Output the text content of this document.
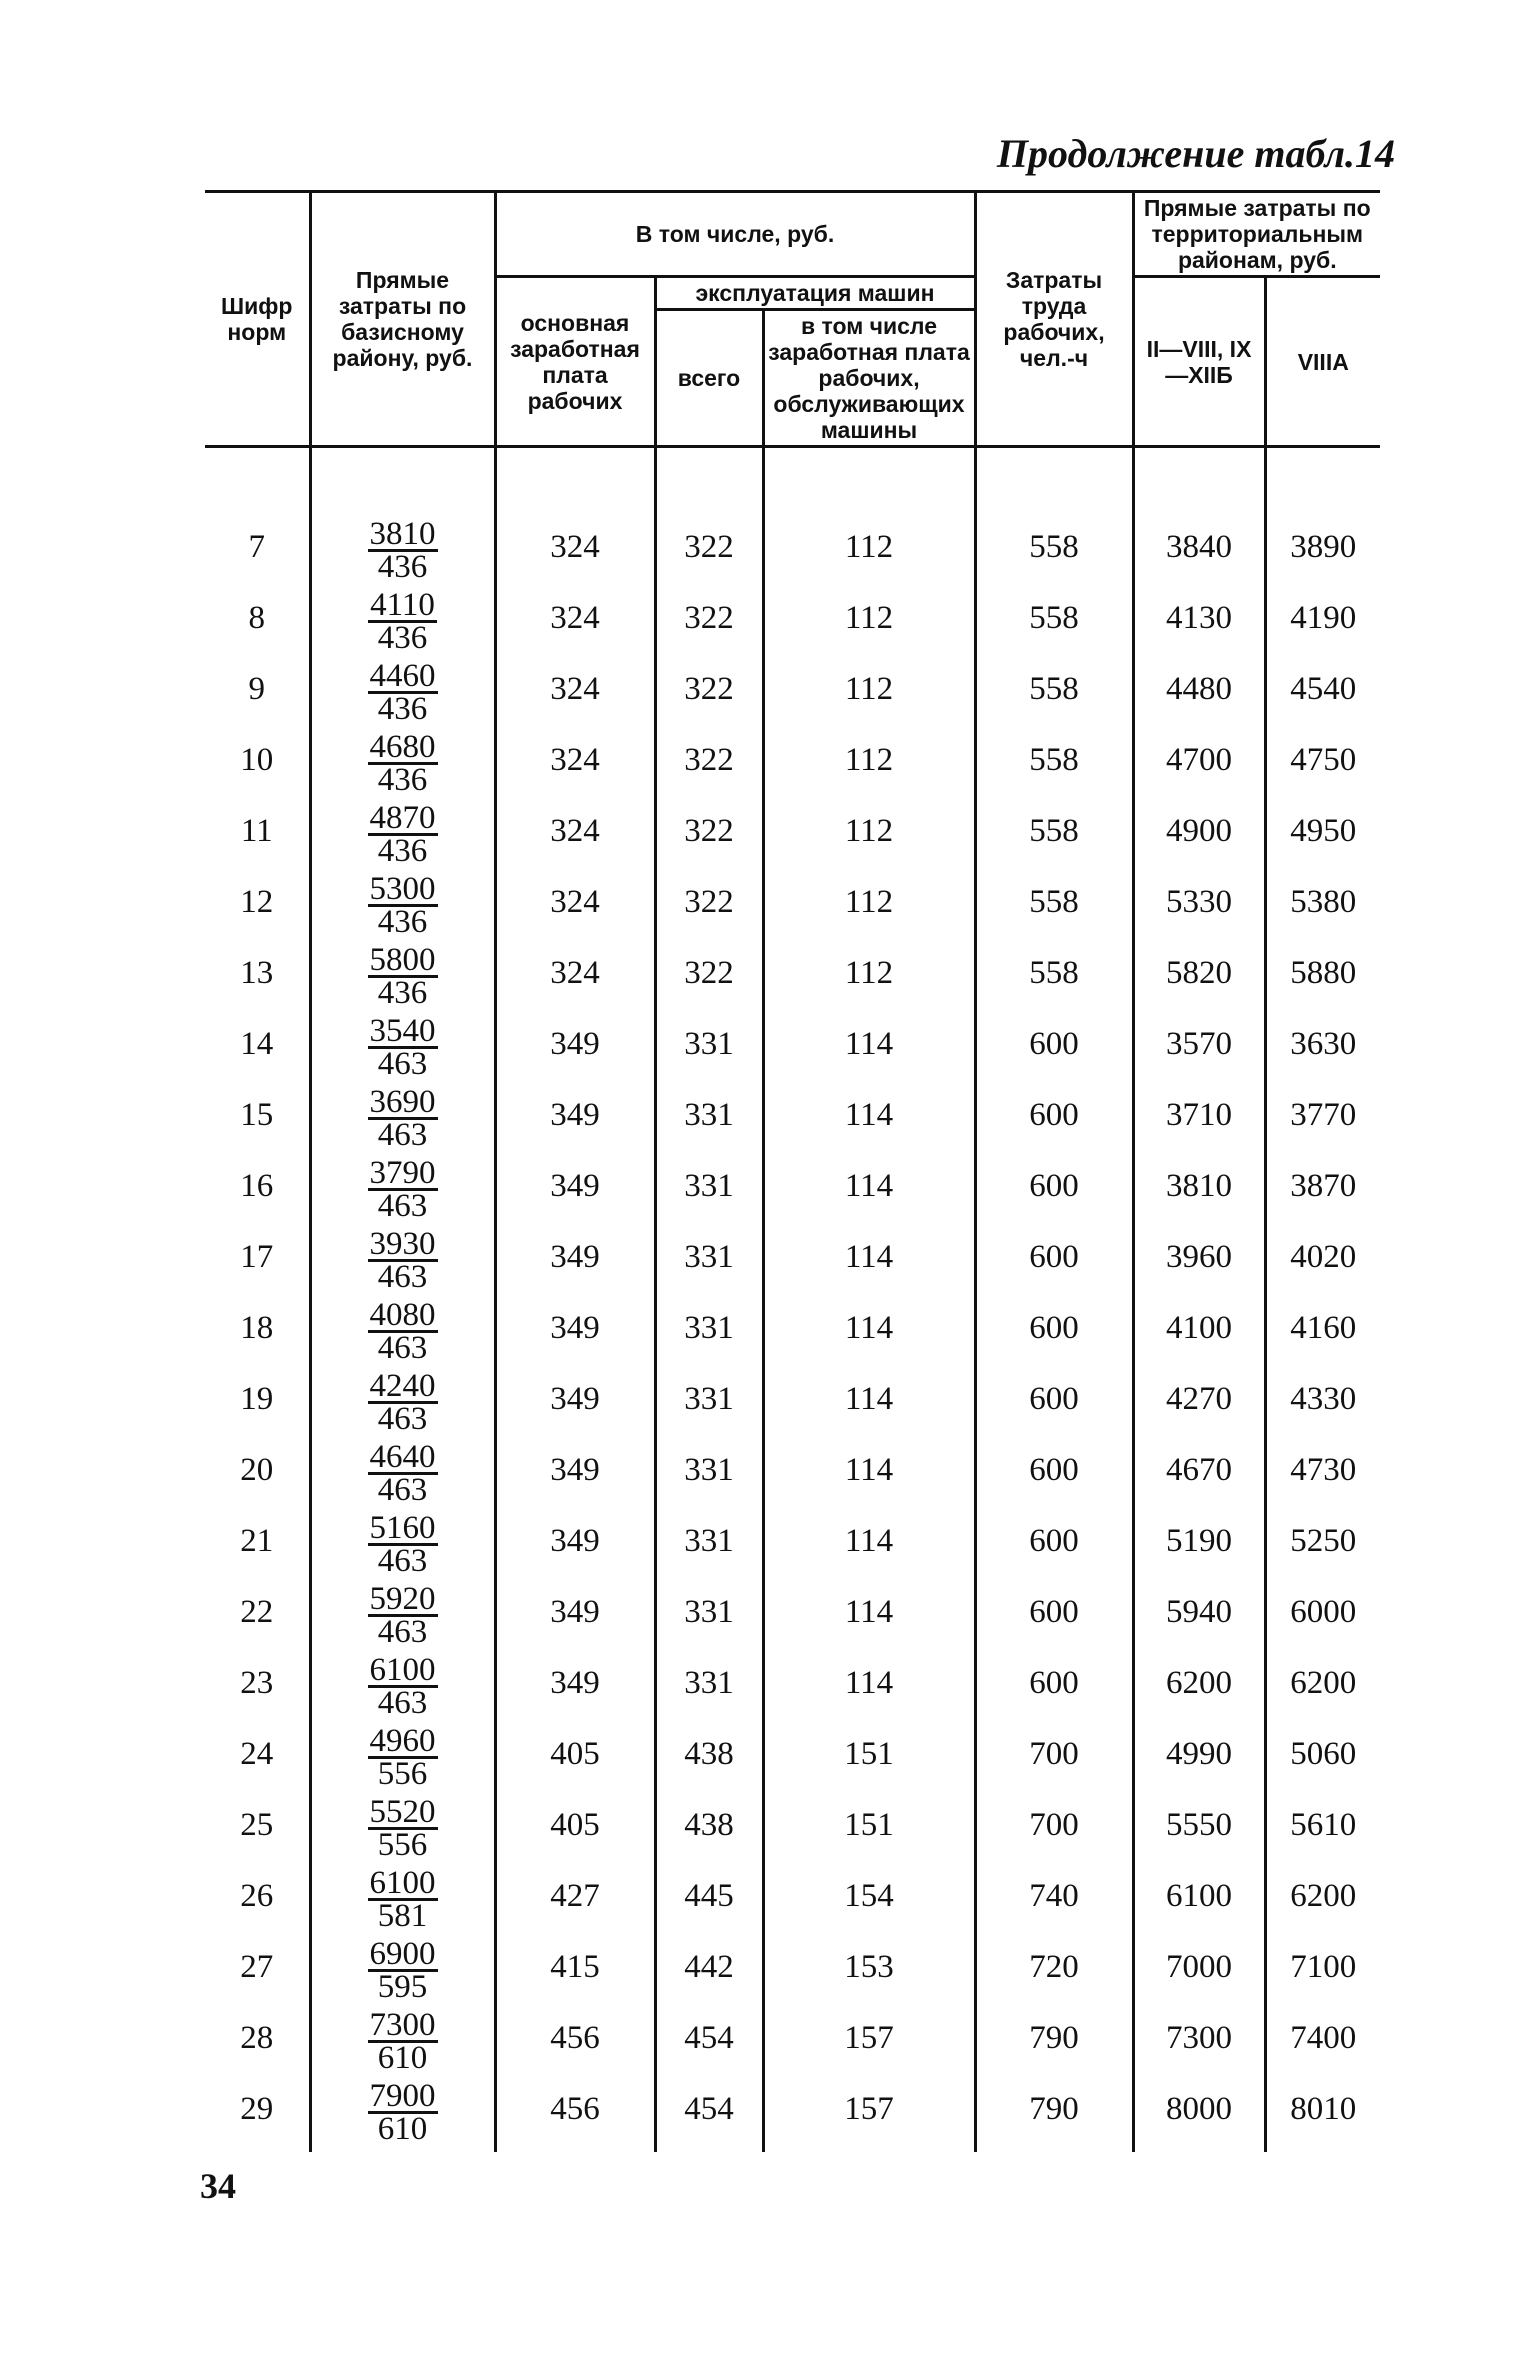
Продолжение табл.14
Шифр норм	Прямые затраты по базисному району, руб.	В том числе, руб.			Затраты труда рабочих, чел.-ч	Прямые затраты по территориальным районам, руб.	
		основная заработная плата рабочих	эксплуатация машин			II—VIII, IX—XIIБ	VIIIA
			всего	в том числе заработная плата рабочих, обслуживающих машины			

7	$\frac{3810}{436}$	324	322	112	558	3840	3890

8	$\frac{4110}{436}$	324	322	112	558	4130	4190

9	$\frac{4460}{436}$	324	322	112	558	4480	4540

10	$\frac{4680}{436}$	324	322	112	558	4700	4750

11	$\frac{4870}{436}$	324	322	112	558	4900	4950

12	$\frac{5300}{436}$	324	322	112	558	5330	5380

13	$\frac{5800}{436}$	324	322	112	558	5820	5880

14	$\frac{3540}{463}$	349	331	114	600	3570	3630

15	$\frac{3690}{463}$	349	331	114	600	3710	3770

16	$\frac{3790}{463}$	349	331	114	600	3810	3870

17	$\frac{3930}{463}$	349	331	114	600	3960	4020

18	$\frac{4080}{463}$	349	331	114	600	4100	4160

19	$\frac{4240}{463}$	349	331	114	600	4270	4330

20	$\frac{4640}{463}$	349	331	114	600	4670	4730

21	$\frac{5160}{463}$	349	331	114	600	5190	5250

22	$\frac{5920}{463}$	349	331	114	600	5940	6000

23	$\frac{6100}{463}$	349	331	114	600	6200	6200

24	$\frac{4960}{556}$	405	438	151	700	4990	5060

25	$\frac{5520}{556}$	405	438	151	700	5550	5610

26	$\frac{6100}{581}$	427	445	154	740	6100	6200

27	$\frac{6900}{595}$	415	442	153	720	7000	7100

28	$\frac{7300}{610}$	456	454	157	790	7300	7400

29	$\frac{7900}{610}$	456	454	157	790	8000	8010
34
